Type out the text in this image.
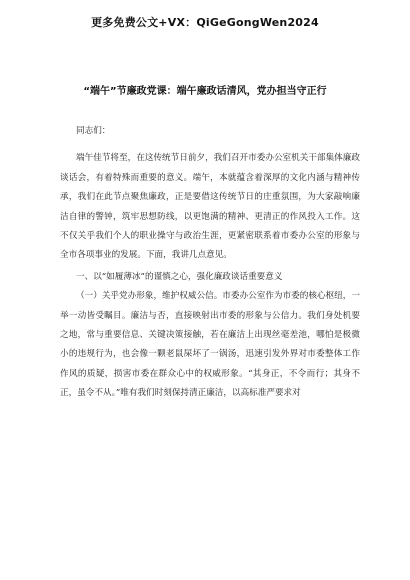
更多免费公文+VX：QiGeGongWen2024
“端午”节廉政党课：端午廉政话清风，党办担当守正行

同志们：

端午佳节将至，在这传统节日前夕，我们召开市委办公室机关干部集体廉政谈话会，有着特殊而重要的意义。端午，本就蕴含着深厚的文化内涵与精神传承，我们在此节点聚焦廉政，正是要借这传统节日的庄重氛围，为大家敲响廉洁自律的警钟，筑牢思想防线，以更饱满的精神、更清正的作风投入工作。这不仅关乎我们个人的职业操守与政治生涯，更紧密联系着市委办公室的形象与全市各项事业的发展。下面，我讲几点意见。

一、以“如履薄冰”的谨慎之心，强化廉政谈话重要意义

（一）关乎党办形象，维护权威公信。市委办公室作为市委的核心枢纽，一举一动皆受瞩目。廉洁与否，直接映射出市委的形象与公信力。我们身处机要之地，常与重要信息、关键决策接触，若在廉洁上出现丝毫差池，哪怕是极微小的违规行为，也会像一颗老鼠屎坏了一锅汤，迅速引发外界对市委整体工作作风的质疑，损害市委在群众心中的权威形象。“其身正，不令而行；其身不正，虽令不从。”唯有我们时刻保持清正廉洁，以高标准严要求对
